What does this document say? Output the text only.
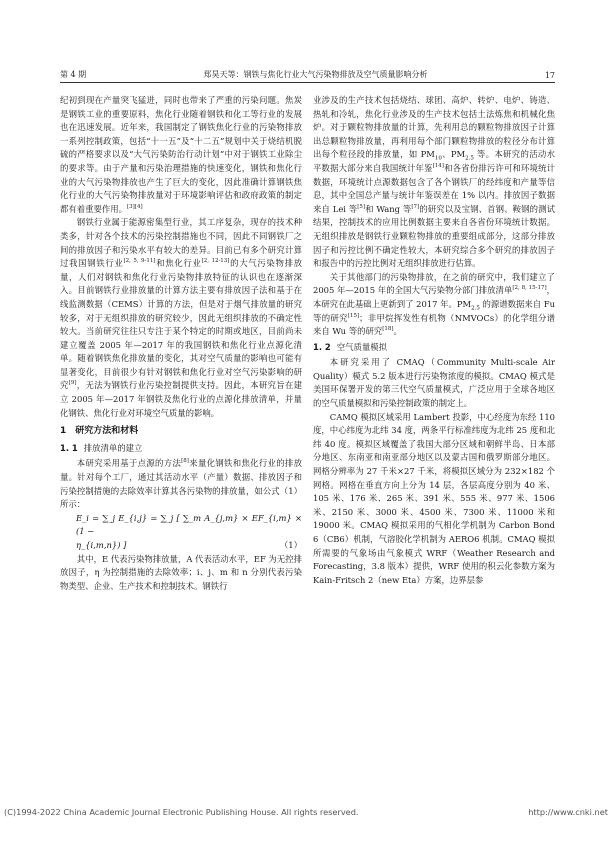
第 4 期	郑昊天等：钢铁与焦化行业大气污染物排放及空气质量影响分析	17

纪初到现在产量突飞猛进，同时也带来了严重的污染问题。焦炭是钢铁工业的重要原料，焦化行业随着钢铁和化工等行业的发展也在迅速发展。近年来，我国制定了钢铁焦化行业的污染物排放一系列控制政策，包括“十一五”及“十二五”规划中关于烧结机脱硫的严格要求以及“大气污染防治行动计划”中对于钢铁工业除尘的要求等。由于产量和污染治理措施的快速变化，钢铁和焦化行业的大气污染物排放也产生了巨大的变化，因此准确计算钢铁焦化行业的大气污染物排放量对于环境影响评估和政府政策的制定都有着重要作用。[3][4]

钢铁行业属于能源密集型行业，其工序复杂，现存的技术种类多，针对各个技术的污染控制措施也不同，因此不同钢铁厂之间的排放因子和污染水平有较大的差异。目前已有多个研究计算过我国钢铁行业[2, 5, 9-11]和焦化行业[2, 12-13]的大气污染物排放量，人们对钢铁和焦化行业污染物排放特征的认识也在逐渐深入。目前钢铁行业排放量的计算方法主要有排放因子法和基于在线监测数据（CEMS）计算的方法，但是对于烟气排放量的研究较多，对于无组织排放的研究较少，因此无组织排放的不确定性较大。当前研究往往只专注于某个特定的时期或地区，目前尚未建立覆盖 2005 年—2017 年的我国钢铁和焦化行业点源化清单。随着钢铁焦化排放量的变化，其对空气质量的影响也可能有显著变化，目前很少有针对钢铁和焦化行业对空气污染影响的研究[9]，无法为钢铁行业污染控制提供支持。因此，本研究旨在建立 2005 年—2017 年钢铁及焦化行业的点源化排放清单，并量化钢铁、焦化行业对环境空气质量的影响。

1　研究方法和材料
1. 1 排放清单的建立

本研究采用基于点源的方法[8]来量化钢铁和焦化行业的排放量。针对每个工厂，通过其活动水平（产量）数据、排放因子和污染控制措施的去除效率计算其各污染物的排放量，如公式（1）所示：

E_i = ∑_j E_{i,j} = ∑_j [ ∑_m A_{j,m} × EF_{i,m} × (1 −
η_{i,m,n}) ]	（1）

其中，E 代表污染物排放量，A 代表活动水平，EF 为无控排放因子，η 为控制措施的去除效率；i、j、m 和 n 分别代表污染物类型、企业、生产技术和控制技术。钢铁行

业涉及的生产技术包括烧结、球团、高炉、转炉、电炉、铸造、热轧和冷轧，焦化行业涉及的生产技术包括土法炼焦和机械化焦炉。对于颗粒物排放量的计算，先利用总的颗粒物排放因子计算出总颗粒物排放量，再利用每个部门颗粒物排放的粒径分布计算出每个粒径段的排放量，如 $PM_{10}$、$PM_{2.5}$ 等。本研究的活动水平数据大部分来自我国统计年鉴[14]和各省份排污许可和环境统计数据，环境统计点源数据包含了各个钢铁厂的经纬度和产量等信息，其中全国总产量与统计年鉴误差在 1% 以内。排放因子数据来自 Lei 等[5]和 Wang 等[7]的研究以及宝钢、首钢、鞍钢的测试结果，控制技术的应用比例数据主要来自各省份环境统计数据。无组织排放是钢铁行业颗粒物排放的重要组成部分，这部分排放因子和污控比例不确定性较大，本研究综合多个研究的排放因子和报告中的污控比例对无组织排放进行估算。

关于其他部门的污染物排放，在之前的研究中，我们建立了 2005 年—2015 年的全国大气污染物分部门排放清单[2, 8, 15-17]，本研究在此基础上更新到了 2017 年。$PM_{2.5}$ 的源谱数据来自 Fu 等的研究[15]；非甲烷挥发性有机物（NMVOCs）的化学组分谱来自 Wu 等的研究[18]。

1. 2 空气质量模拟

本研究采用了 CMAQ（Community Multi-scale Air Quality）模式 5.2 版本进行污染物浓度的模拟。CMAQ 模式是美国环保署开发的第三代空气质量模式，广泛应用于全球各地区的空气质量模拟和污染控制政策的制定上。

CAMQ 模拟区域采用 Lambert 投影，中心经度为东经 110 度，中心纬度为北纬 34 度，两条平行标准纬度为北纬 25 度和北纬 40 度。模拟区域覆盖了我国大部分区域和朝鲜半岛、日本部分地区、东南亚和南亚部分地区以及蒙古国和俄罗斯部分地区。网格分辨率为 27 千米×27 千米，将模拟区域分为 232×182 个网格。网格在垂直方向上分为 14 层，各层高度分别为 40 米、105 米、176 米、265 米、391 米、555 米、977 米、1506 米、2150 米、3000 米、4500 米、7300 米、11000 米和 19000 米。CMAQ 模拟采用的气相化学机制为 Carbon Bond 6（CB6）机制，气溶胶化学机制为 AERO6 机制。CMAQ 模拟所需要的气象场由气象模式 WRF（Weather Research and Forecasting，3.8 版本）提供，WRF 使用的积云化参数方案为 Kain-Fritsch 2（new Eta）方案，边界层参

(C)1994-2022 China Academic Journal Electronic Publishing House. All rights reserved.	http://www.cnki.net
